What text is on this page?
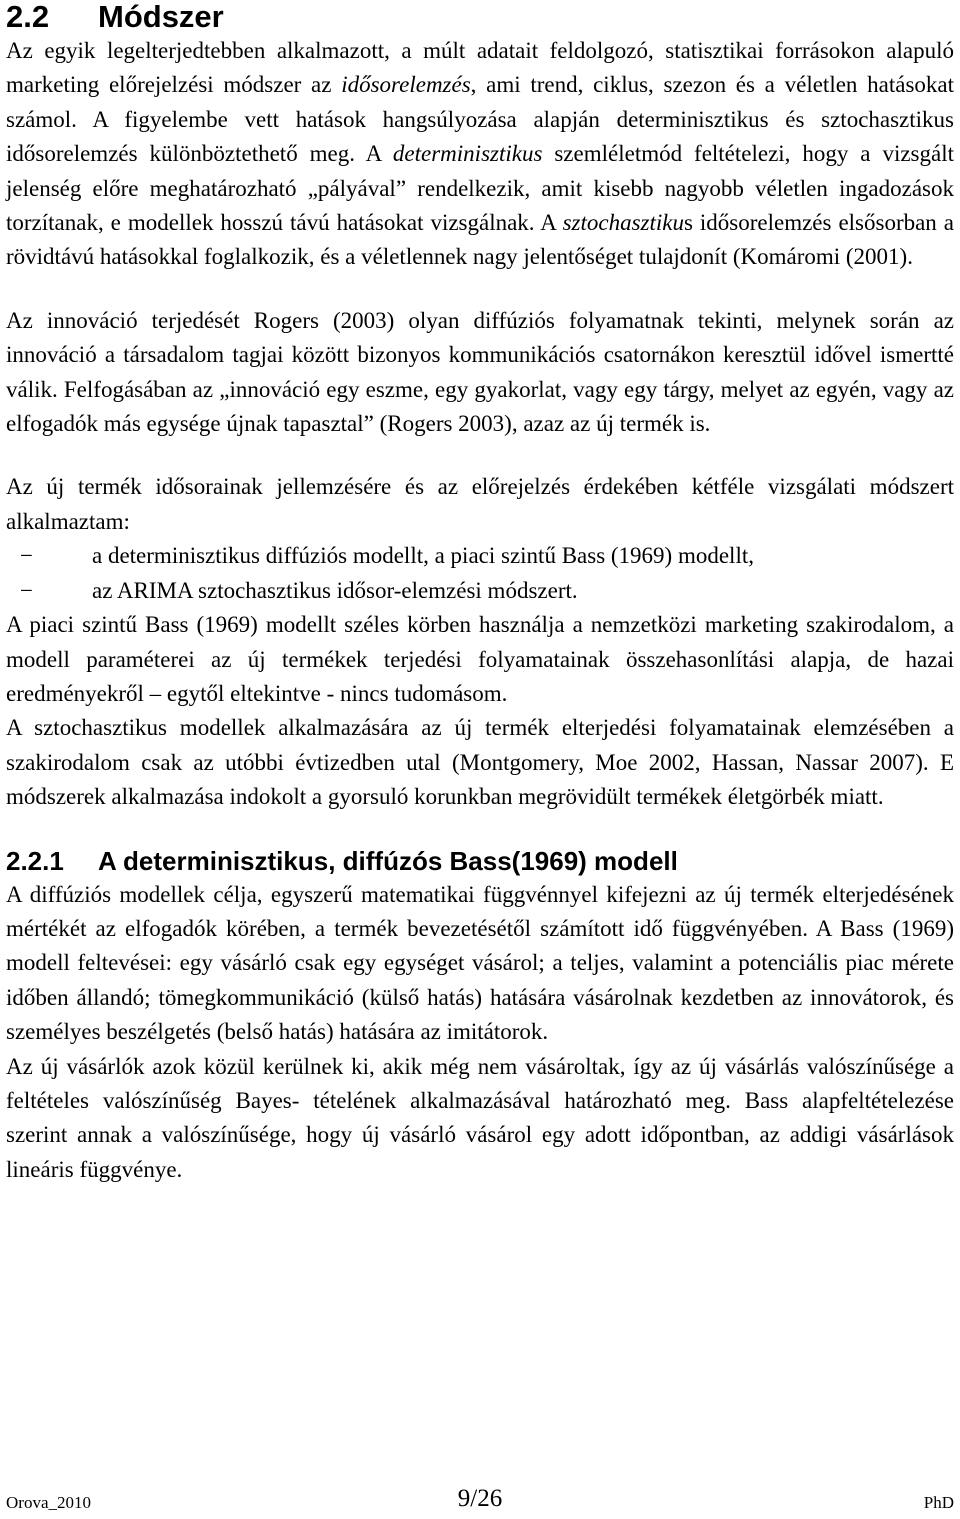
2.2 Módszer

Az egyik legelterjedtebben alkalmazott, a múlt adatait feldolgozó, statisztikai forrásokon alapuló marketing előrejelzési módszer az idősorelemzés, ami trend, ciklus, szezon és a véletlen hatásokat számol. A figyelembe vett hatások hangsúlyozása alapján determinisztikus és sztochasztikus idősorelemzés különböztethető meg. A determinisztikus szemléletmód feltételezi, hogy a vizsgált jelenség előre meghatározható „pályával” rendelkezik, amit kisebb nagyobb véletlen ingadozások torzítanak, e modellek hosszú távú hatásokat vizsgálnak. A sztochasztikus idősorelemzés elsősorban a rövidtávú hatásokkal foglalkozik, és a véletlennek nagy jelentőséget tulajdonít (Komáromi (2001).

Az innováció terjedését Rogers (2003) olyan diffúziós folyamatnak tekinti, melynek során az innováció a társadalom tagjai között bizonyos kommunikációs csatornákon keresztül idővel ismertté válik. Felfogásában az „innováció egy eszme, egy gyakorlat, vagy egy tárgy, melyet az egyén, vagy az elfogadók más egysége újnak tapasztal” (Rogers 2003), azaz az új termék is.

Az új termék idősorainak jellemzésére és az előrejelzés érdekében kétféle vizsgálati módszert alkalmaztam:

−	a determinisztikus diffúziós modellt, a piaci szintű Bass (1969) modellt,
−	az ARIMA sztochasztikus idősor-elemzési módszert.

A piaci szintű Bass (1969) modellt széles körben használja a nemzetközi marketing szakirodalom, a modell paraméterei az új termékek terjedési folyamatainak összehasonlítási alapja, de hazai eredményekről – egytől eltekintve - nincs tudomásom.

A sztochasztikus modellek alkalmazására az új termék elterjedési folyamatainak elemzésében a szakirodalom csak az utóbbi évtizedben utal (Montgomery, Moe 2002, Hassan, Nassar 2007). E módszerek alkalmazása indokolt a gyorsuló korunkban megrövidült termékek életgörbék miatt.

2.2.1 A determinisztikus, diffúzós Bass(1969) modell

A diffúziós modellek célja, egyszerű matematikai függvénnyel kifejezni az új termék elterjedésének mértékét az elfogadók körében, a termék bevezetésétől számított idő függvényében. A Bass (1969) modell feltevései: egy vásárló csak egy egységet vásárol; a teljes, valamint a potenciális piac mérete időben állandó; tömegkommunikáció (külső hatás) hatására vásárolnak kezdetben az innovátorok, és személyes beszélgetés (belső hatás) hatására az imitátorok.

Az új vásárlók azok közül kerülnek ki, akik még nem vásároltak, így az új vásárlás valószínűsége a feltételes valószínűség Bayes- tételének alkalmazásával határozható meg. Bass alapfeltételezése szerint annak a valószínűsége, hogy új vásárló vásárol egy adott időpontban, az addigi vásárlások lineáris függvénye.

Orova_2010	9/26	PhD
